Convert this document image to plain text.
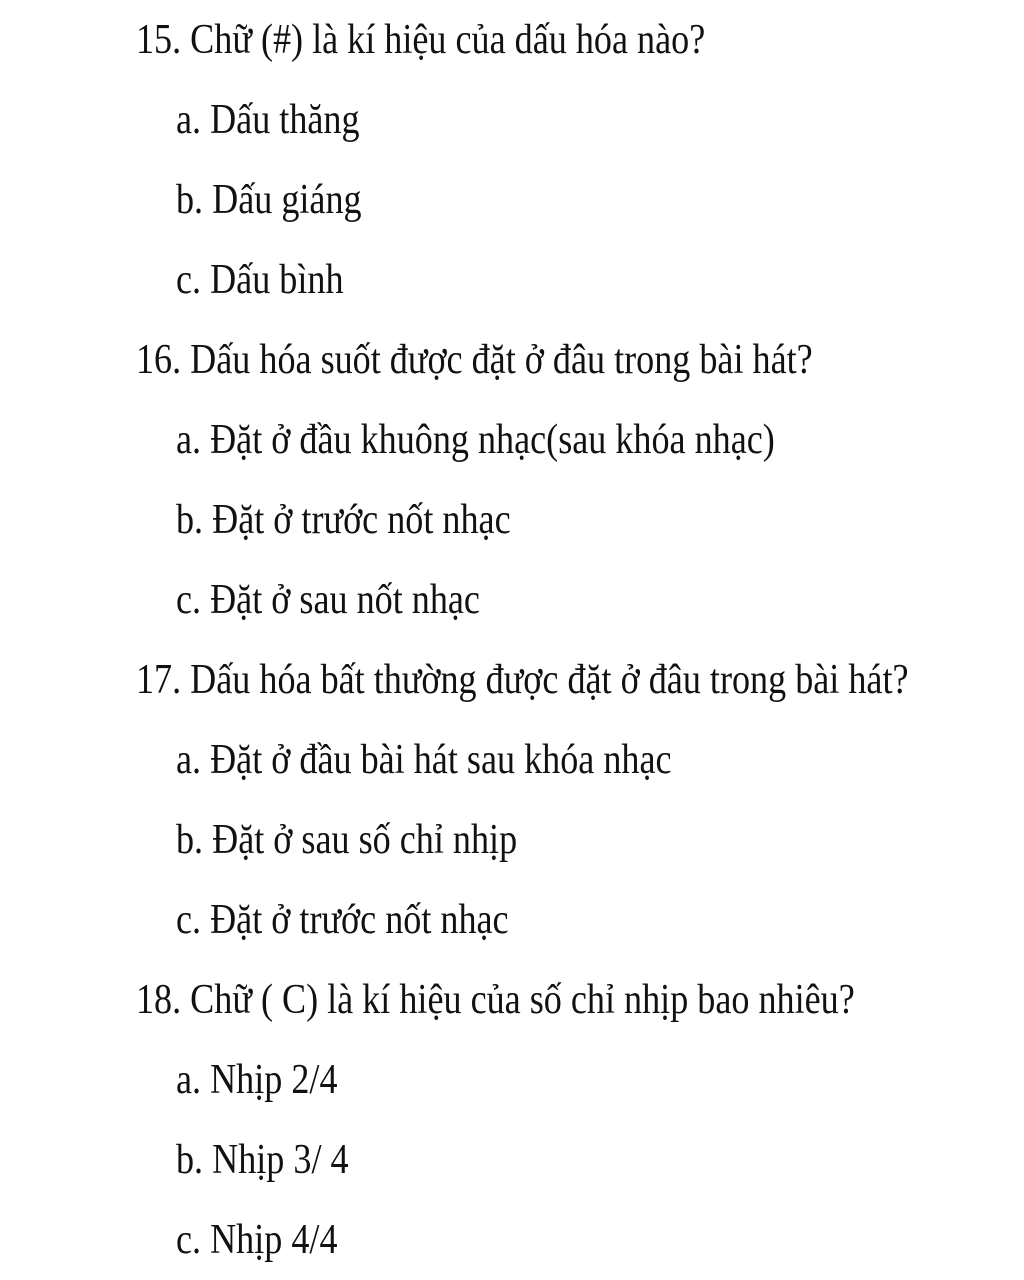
15. Chữ (#) là kí hiệu của dấu hóa nào?
a. Dấu thăng
b. Dấu giáng
c. Dấu bình
16. Dấu hóa suốt được đặt ở đâu trong bài hát?
a. Đặt ở đầu khuông nhạc(sau khóa nhạc)
b. Đặt ở trước nốt nhạc
c. Đặt ở sau nốt nhạc
17. Dấu hóa bất thường được đặt ở đâu trong bài hát?
a. Đặt ở đầu bài hát sau khóa nhạc
b. Đặt ở sau số chỉ nhịp
c. Đặt ở trước nốt nhạc
18. Chữ ( C) là kí hiệu của số chỉ nhịp bao nhiêu?
a. Nhịp 2/4
b. Nhịp 3/ 4
c. Nhịp 4/4
